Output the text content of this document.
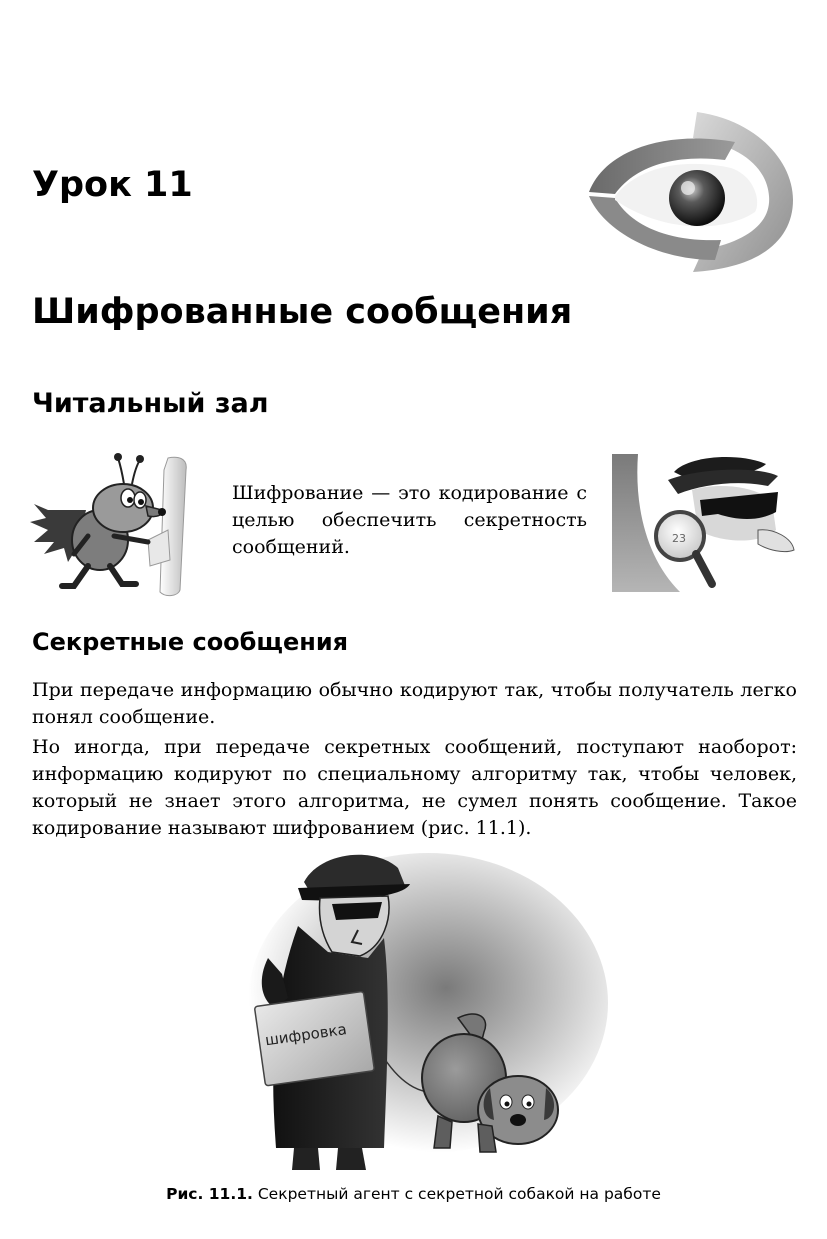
Урок 11
Шифрованные сообщения
Читальный зал

Шифрование — это кодирование с целью обеспечить секретность сообщений.	23
Секретные сообщения

При передаче информацию обычно кодируют так, чтобы получатель легко понял сообщение.

Но иногда, при передаче секретных сообщений, поступают наоборот: информацию кодируют по специальному алгоритму так, чтобы человек, который не знает этого алгоритма, не сумел понять сообщение. Такое кодирование называют шифрованием (рис. 11.1).

шифровка
Рис. 11.1. Секретный агент с секретной собакой на работе
